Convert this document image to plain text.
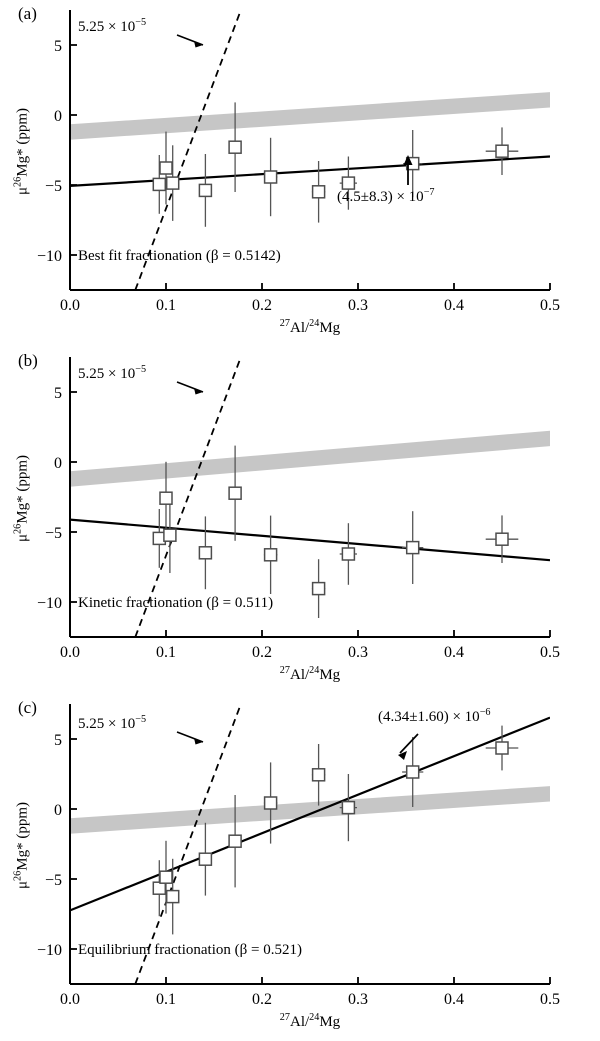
(a)
0.0	0.1	0.2	0.3	0.4	0.5
−10
−5
0
5
$5.25 \times 10^{-5}$
$(4.5\pm 8.3) \times 10^{-7}$
Best fit fractionation (β = 0.5142)
$\mu^{26}Mg*$ (ppm)
$^{27}$Al/$^{24}$Mg
(b)
0.0	0.1	0.2	0.3	0.4	0.5
−10
−5
0
5
$5.25 \times 10^{-5}$
Kinetic fractionation (β = 0.511)
$\mu^{26}Mg*$ (ppm)
$^{27}$Al/$^{24}$Mg
(c)
0.0	0.1	0.2	0.3	0.4	0.5
−10
−5
0
5
$5.25 \times 10^{-5}$	$(4.34\pm 1.60) \times 10^{-6}$
Equilibrium fractionation (β = 0.521)
$\mu^{26}Mg*$ (ppm)
$^{27}$Al/$^{24}$Mg
